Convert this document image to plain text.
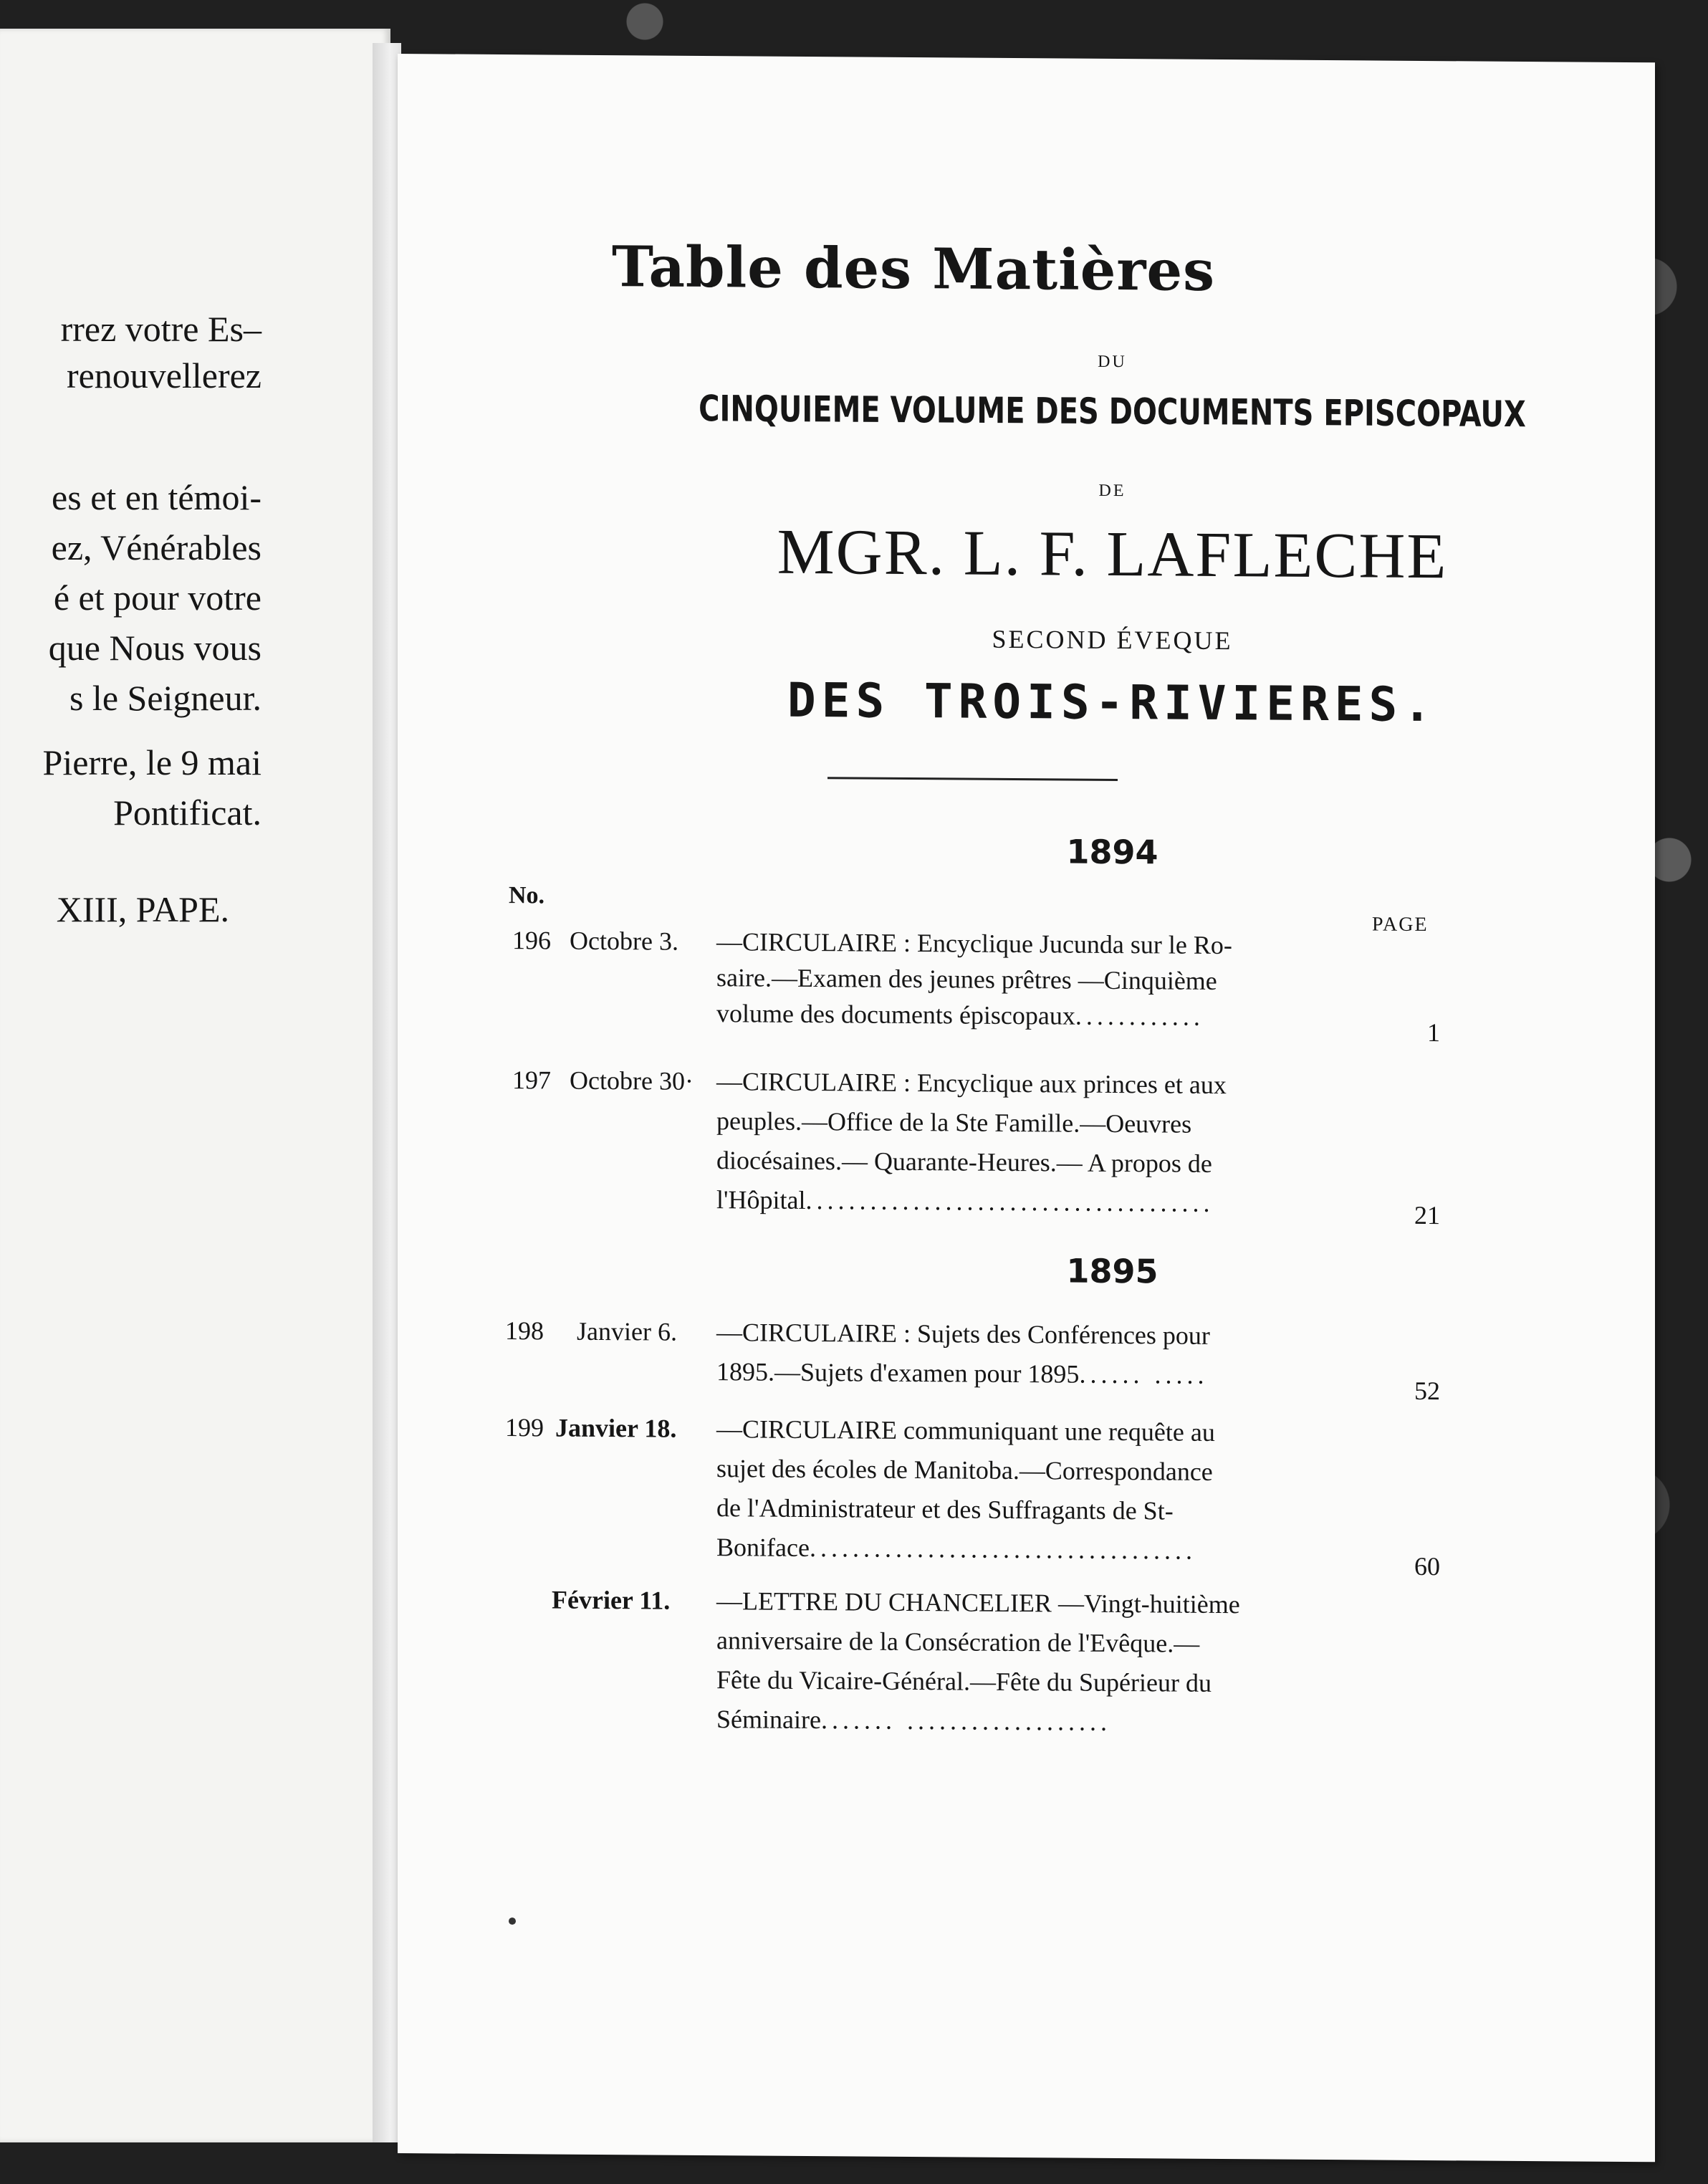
rrez votre Es–
renouvellerez
es et en témoi-
ez, Vénérables
é et pour votre
que Nous vous
s le Seigneur.
Pierre, le 9 mai
Pontificat.
XIII, PAPE.
Table des Matières
DU
CINQUIEME VOLUME DES DOCUMENTS EPISCOPAUX
DE
MGR. L. F. LAFLECHE
SECOND ÉVEQUE
DES TROIS-RIVIERES.
1894
No.
PAGE
196 Octobre 3. —CIRCULAIRE : Encyclique Jucunda sur le Ro-
saire.—Examen des jeunes prêtres —Cinquième
volume des documents épiscopaux ............
1
197 Octobre 30· —CIRCULAIRE : Encyclique aux princes et aux
peuples.—Office de la Ste Famille.—Oeuvres
diocésaines.— Quarante-Heures.— A propos de
l'Hôpital ......................................	21
1895
198 Janvier 6. —CIRCULAIRE : Sujets des Conférences pour
1895.—Sujets d'examen pour 1895 ...... .....
52
199 Janvier 18. —CIRCULAIRE communiquant une requête au
sujet des écoles de Manitoba.—Correspondance
de l'Administrateur et des Suffragants de St-
Boniface ....................................
60
Février 11. —LETTRE DU CHANCELIER —Vingt-huitième
anniversaire de la Consécration de l'Evêque.—
Fête du Vicaire-Général.—Fête du Supérieur du
Séminaire ....... ...................
